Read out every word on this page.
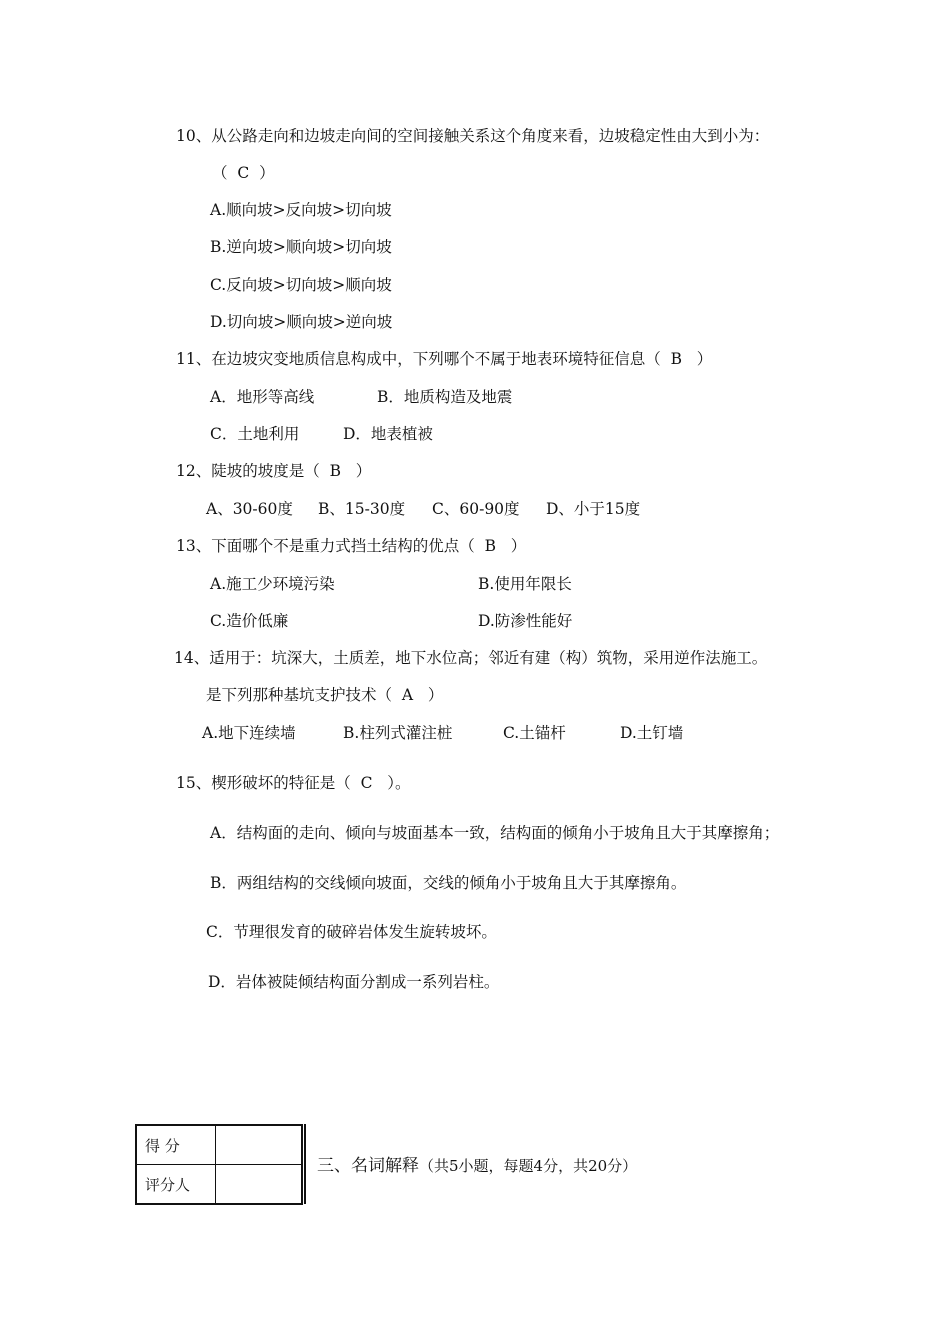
10、从公路走向和边坡走向间的空间接触关系这个角度来看，边坡稳定性由大到小为：
（  C  ）
A.顺向坡>反向坡>切向坡
B.逆向坡>顺向坡>切向坡
C.反向坡>切向坡>顺向坡
D.切向坡>顺向坡>逆向坡
11、在边坡灾变地质信息构成中，下列哪个不属于地表环境特征信息（  B   ）
A．地形等高线	B．地质构造及地震
C．土地利用	D．地表植被
12、陡坡的坡度是（  B   ）
A、30-60度 B、15-30度 C、60-90度 D、小于15度
13、下面哪个不是重力式挡土结构的优点（  B   ）
A.施工少环境污染	B.使用年限长
C.造价低廉	D.防渗性能好
14、适用于：坑深大，土质差，地下水位高；邻近有建（构）筑物，采用逆作法施工。
是下列那种基坑支护技术（  A   ）
A.地下连续墙	B.柱列式灌注桩	C.土锚杆	D.土钉墙
15、楔形破坏的特征是（  C   ）。
A．结构面的走向、倾向与坡面基本一致，结构面的倾角小于坡角且大于其摩擦角；
B．两组结构的交线倾向坡面，交线的倾角小于坡角且大于其摩擦角。
C．节理很发育的破碎岩体发生旋转坡坏。
D．岩体被陡倾结构面分割成一系列岩柱。
得 分	
评分人	
三、名词解释（共5小题，每题4分，共20分）
